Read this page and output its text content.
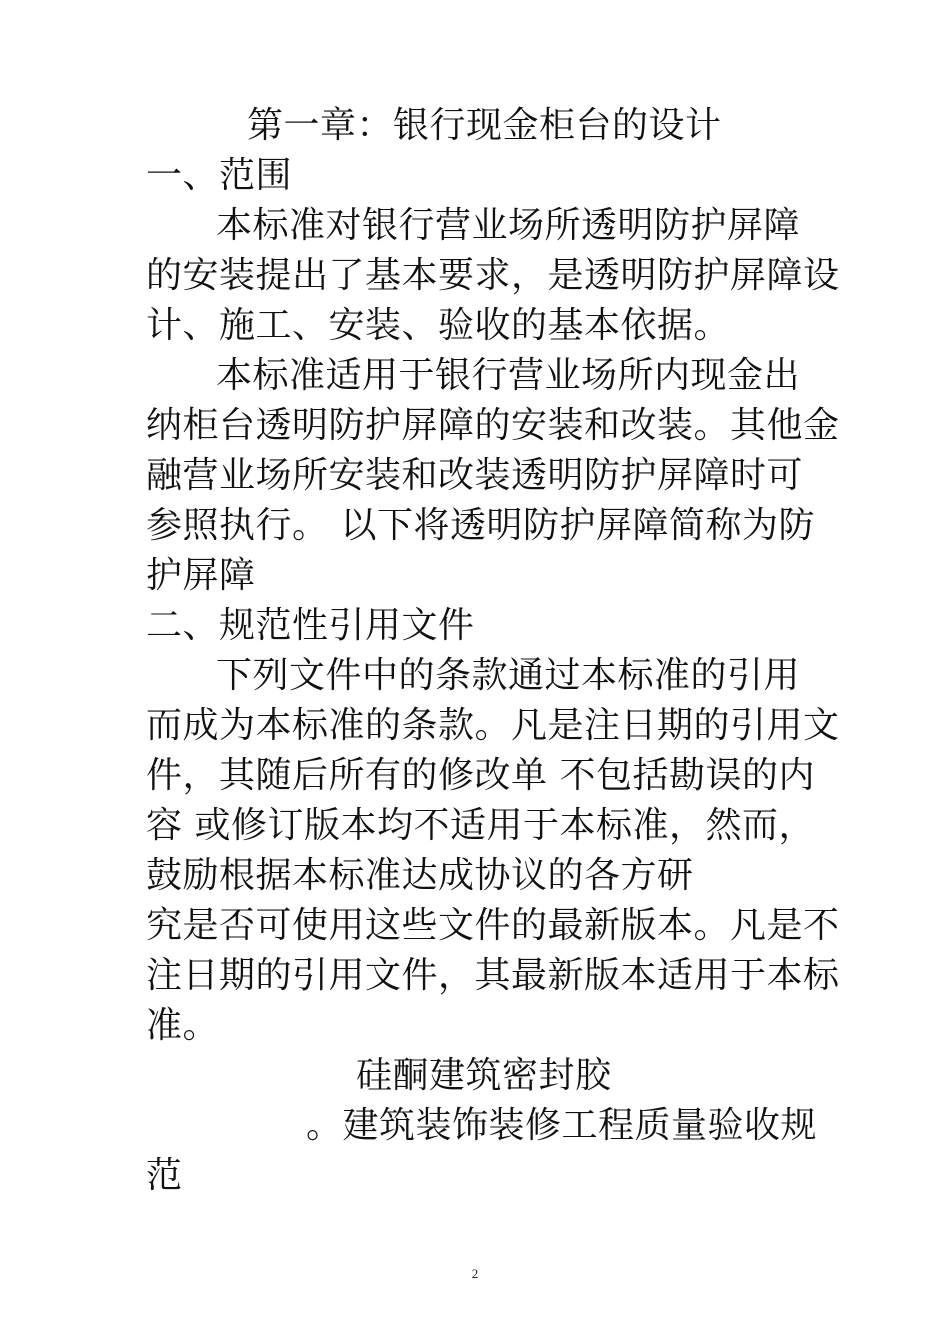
第一章：银行现金柜台的设计
一、范围
本标准对银行营业场所透明防护屏障
的安装提出了基本要求，是透明防护屏障设
计、施工、安装、验收的基本依据。
本标准适用于银行营业场所内现金出
纳柜台透明防护屏障的安装和改装。其他金
融营业场所安装和改装透明防护屏障时可
参照执行。 以下将透明防护屏障简称为防
护屏障
二、规范性引用文件
下列文件中的条款通过本标准的引用
而成为本标准的条款。凡是注日期的引用文
件，其随后所有的修改单 不包括勘误的内
容 或修订版本均不适用于本标准，然而，
鼓励根据本标准达成协议的各方研
究是否可使用这些文件的最新版本。凡是不
注日期的引用文件，其最新版本适用于本标
准。
硅酮建筑密封胶
。建筑装饰装修工程质量验收规
范
2
